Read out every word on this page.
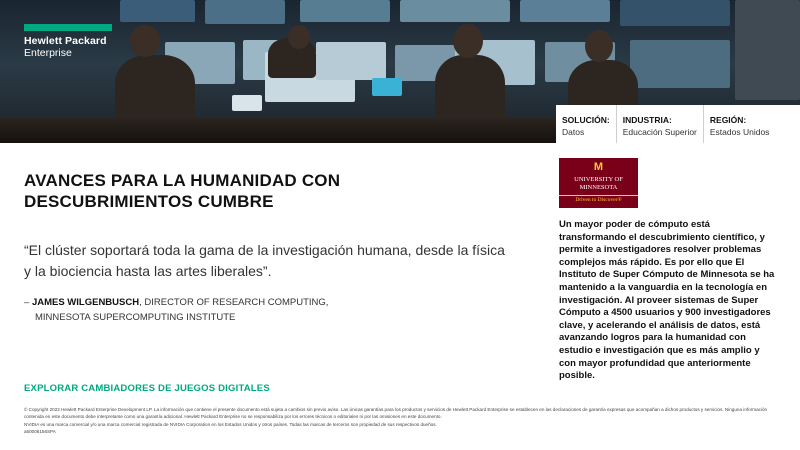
Hewlett Packard
Enterprise
SOLUCIÓN:
Datos
INDUSTRIA:
Educación Superior
REGIÓN:
Estados Unidos
AVANCES PARA LA HUMANIDAD CON DESCUBRIMIENTOS CUMBRE
“El clúster soportará toda la gama de la investigación humana, desde la física y la biociencia hasta las artes liberales”.
– JAMES WILGENBUSCH, DIRECTOR OF RESEARCH COMPUTING,
MINNESOTA SUPERCOMPUTING INSTITUTE
EXPLORAR CAMBIADORES DE JUEGOS DIGITALES
M
UNIVERSITY OF MINNESOTA
Driven to Discover®
Un mayor poder de cómputo está transformando el descubrimiento científico, y permite a investigadores resolver problemas complejos más rápido. Es por ello que El Instituto de Super Cómputo de Minnesota se ha mantenido a la vanguardia en la tecnología en investigación. Al proveer sistemas de Super Cómputo a 4500 usuarios y 900 investigadores clave, y acelerando el análisis de datos, está avanzando logros para la humanidad con estudio e investigación que es más amplio y con mayor profundidad que anteriormente posible.
© Copyright 2022 Hewlett Packard Enterprise Development LP. La información que contiene el presente documento está sujeta a cambios sin previo aviso. Las únicas garantías para los productos y servicios de Hewlett Packard Enterprise se establecen en las declaraciones de garantía expresas que acompañan a dichos productos y servicios. Ninguna información contenida en este documento debe interpretarse como una garantía adicional. Hewlett Packard Enterprise no se responsabiliza por los errores técnicos o editoriales ni por las omisiones en este documento.
NVIDIA es una marca comercial y/o una marca comercial registrada de NVIDIA Corporation en los Estados Unidos y otros países. Todas las marcas de terceros son propiedad de sus respectivos dueños.
a50006156SPA
